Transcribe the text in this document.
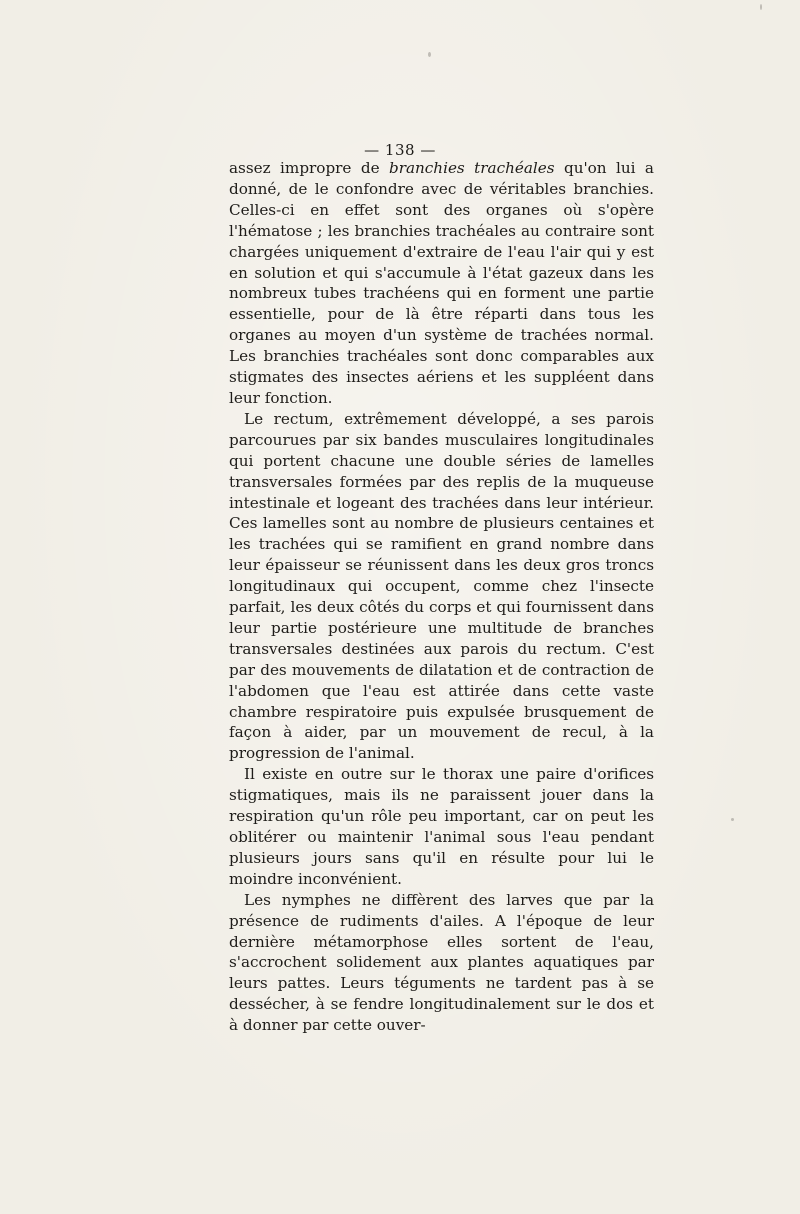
— 138 —

assez impropre de branchies trachéales qu'on lui a donné, de le confondre avec de véritables branchies. Celles-ci en effet sont des organes où s'opère l'hématose ; les branchies trachéales au contraire sont chargées uniquement d'extraire de l'eau l'air qui y est en solution et qui s'accumule à l'état gazeux dans les nombreux tubes trachéens qui en forment une partie essentielle, pour de là être réparti dans tous les organes au moyen d'un système de trachées normal. Les branchies trachéales sont donc comparables aux stigmates des insectes aériens et les suppléent dans leur fonction.

Le rectum, extrêmement développé, a ses parois parcourues par six bandes musculaires longitudinales qui portent chacune une double séries de lamelles transversales formées par des replis de la muqueuse intestinale et logeant des trachées dans leur intérieur. Ces lamelles sont au nombre de plusieurs centaines et les trachées qui se ramifient en grand nombre dans leur épaisseur se réunissent dans les deux gros troncs longitudinaux qui occupent, comme chez l'insecte parfait, les deux côtés du corps et qui fournissent dans leur partie postérieure une multitude de branches transversales destinées aux parois du rectum. C'est par des mouvements de dilatation et de contraction de l'abdomen que l'eau est attirée dans cette vaste chambre respiratoire puis expulsée brusquement de façon à aider, par un mouvement de recul, à la progression de l'animal.

Il existe en outre sur le thorax une paire d'orifices stigmatiques, mais ils ne paraissent jouer dans la respiration qu'un rôle peu important, car on peut les oblitérer ou maintenir l'animal sous l'eau pendant plusieurs jours sans qu'il en résulte pour lui le moindre inconvénient.

Les nymphes ne diffèrent des larves que par la présence de rudiments d'ailes. A l'époque de leur dernière métamorphose elles sortent de l'eau, s'accrochent solidement aux plantes aquatiques par leurs pattes. Leurs téguments ne tardent pas à se dessécher, à se fendre longitudinalement sur le dos et à donner par cette ouver-
